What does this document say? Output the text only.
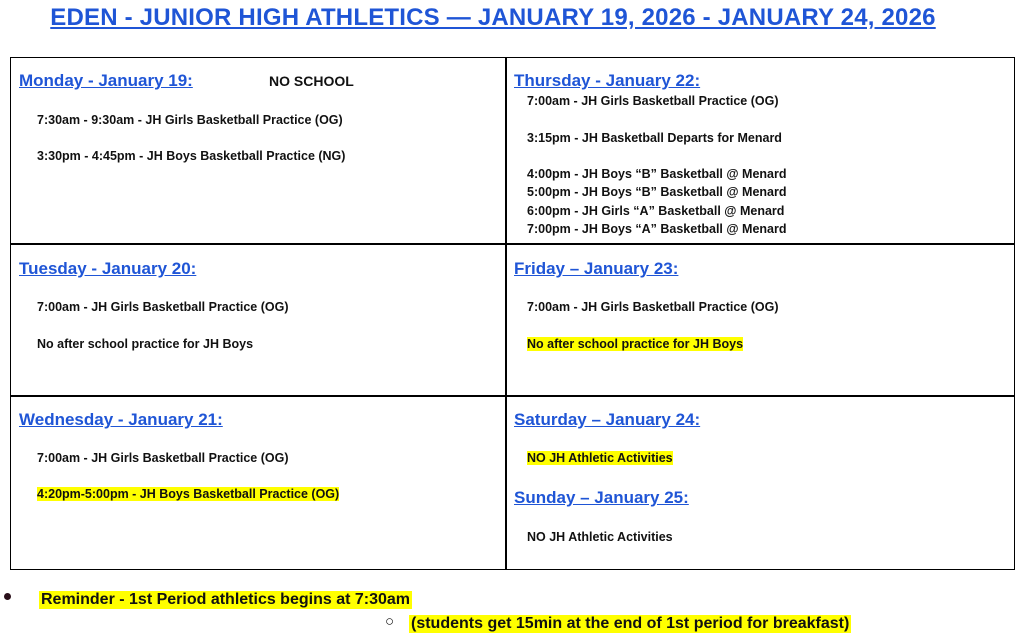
EDEN - JUNIOR HIGH ATHLETICS — JANUARY 19, 2026 - JANUARY 24, 2026
Monday - January 19:	NO SCHOOL
7:30am - 9:30am - JH Girls Basketball Practice (OG)
3:30pm - 4:45pm - JH Boys Basketball Practice (NG)
Thursday - January 22:
7:00am - JH Girls Basketball Practice (OG)
3:15pm - JH Basketball Departs for Menard
4:00pm - JH Boys “B” Basketball @ Menard
5:00pm - JH Boys “B” Basketball @ Menard
6:00pm - JH Girls “A” Basketball @ Menard
7:00pm - JH Boys “A” Basketball @ Menard
Tuesday - January 20:
7:00am - JH Girls Basketball Practice (OG)
No after school practice for JH Boys
Friday – January 23:
7:00am - JH Girls Basketball Practice (OG)
No after school practice for JH Boys
Wednesday - January 21:
7:00am - JH Girls Basketball Practice (OG)
4:20pm-5:00pm - JH Boys Basketball Practice (OG)
Saturday – January 24:
NO JH Athletic Activities
Sunday – January 25:
NO JH Athletic Activities
Reminder - 1st Period athletics begins at 7:30am
○ (students get 15min at the end of 1st period for breakfast)
